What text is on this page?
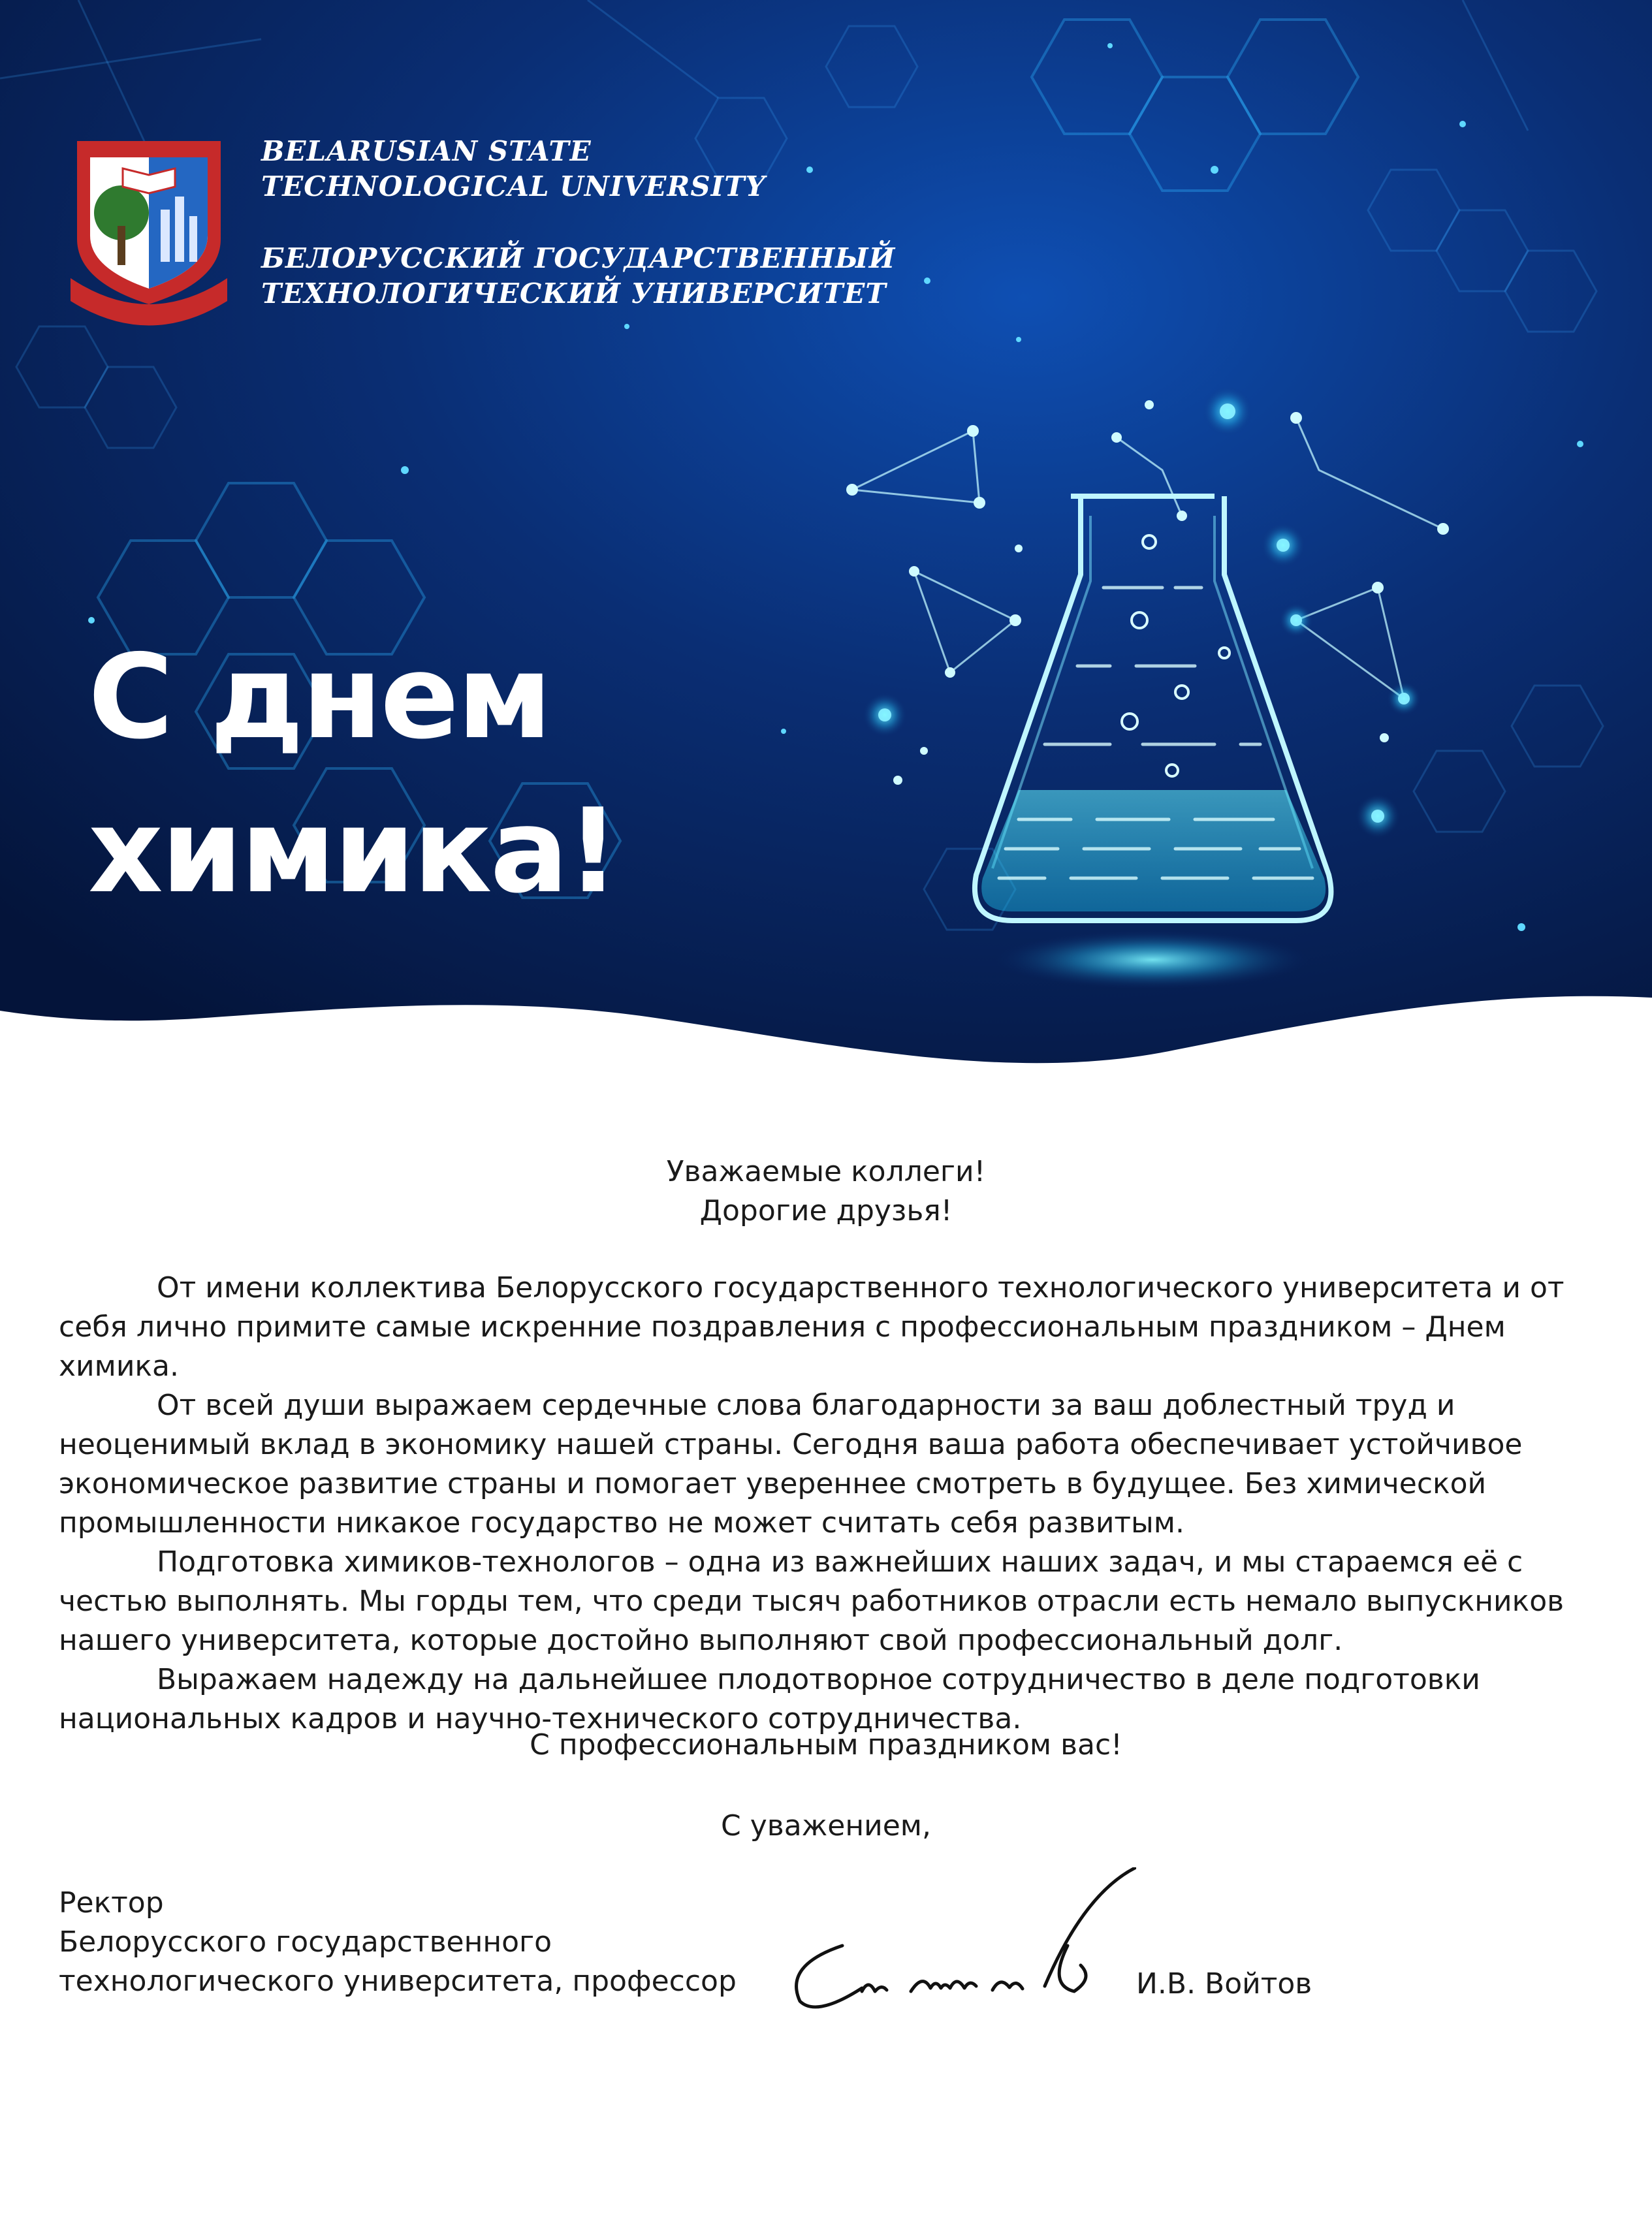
BELARUSIAN STATE

TECHNOLOGICAL UNIVERSITY

БЕЛОРУССКИЙ ГОСУДАРСТВЕННЫЙ

ТЕХНОЛОГИЧЕСКИЙ УНИВЕРСИТЕТ

С днем
химика!

Уважаемые коллеги!

Дорогие друзья!

От имени коллектива Белорусского государственного технологического университета и от себя лично примите самые искренние поздравления с профессиональным праздником – Днем химика.

От всей души выражаем сердечные слова благодарности за ваш доблестный труд и неоценимый вклад в экономику нашей страны. Сегодня ваша работа обеспечивает устойчивое экономическое развитие страны и помогает увереннее смотреть в будущее. Без химической промышленности никакое государство не может считать себя развитым.

Подготовка химиков-технологов – одна из важнейших наших задач, и мы стараемся её с честью выполнять. Мы горды тем, что среди тысяч работников отрасли есть немало выпускников нашего университета, которые достойно выполняют свой профессиональный долг.

Выражаем надежду на дальнейшее плодотворное сотрудничество в деле подготовки национальных кадров и научно-технического сотрудничества.

С профессиональным праздником вас!

С уважением,

Ректор
Белорусского государственного
технологического университета, профессор	И.В. Войтов
